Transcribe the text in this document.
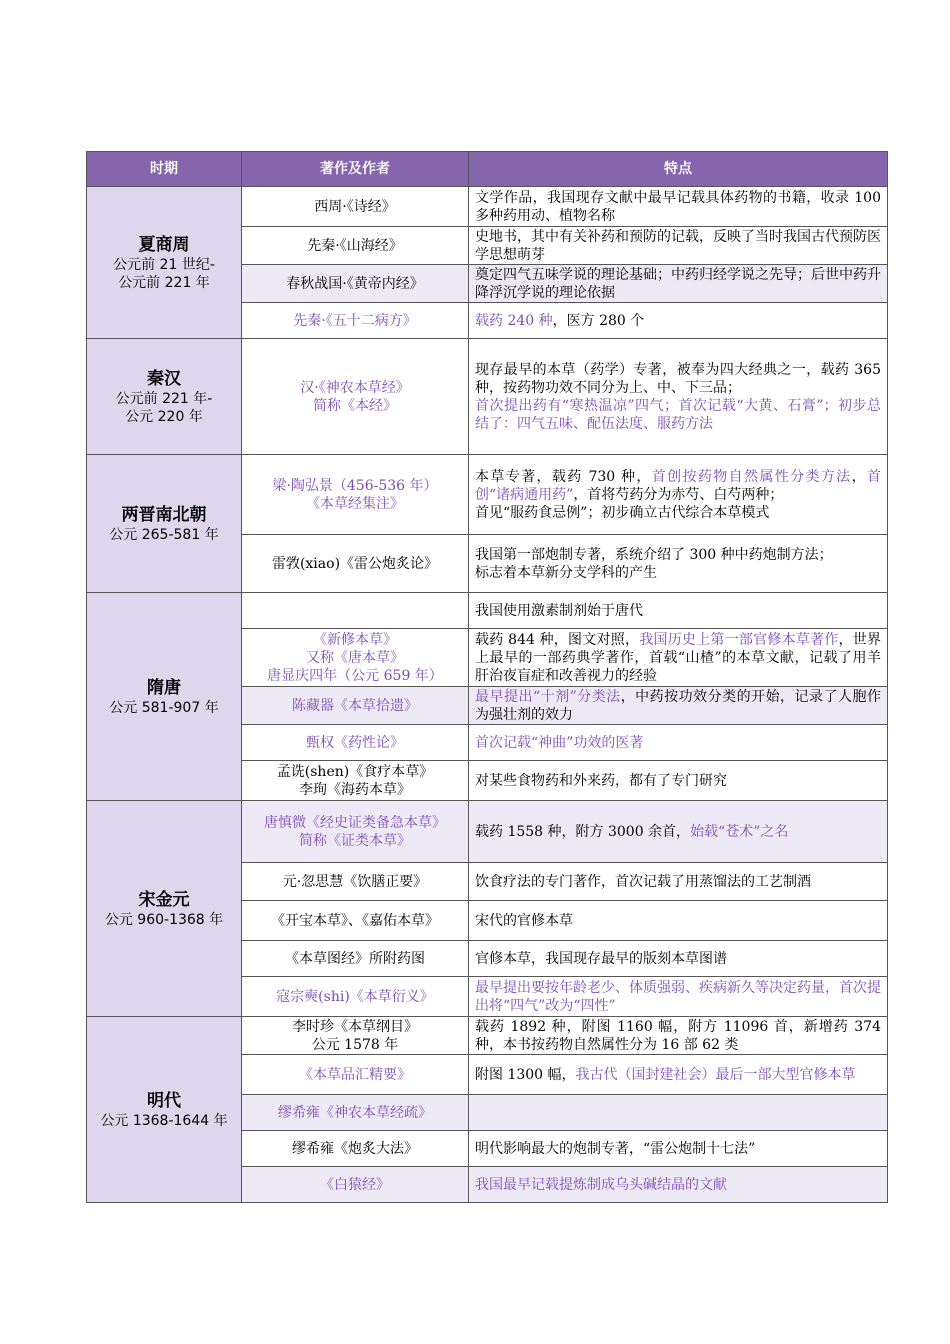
时期	著作及作者	特点

夏商周
公元前 21 世纪-
公元前 221 年	西周·《诗经》	文学作品，我国现存文献中最早记载具体药物的书籍，收录 100 多种药用动、植物名称

	先秦·《山海经》	史地书，其中有关补药和预防的记载，反映了当时我国古代预防医学思想萌芽

	春秋战国·《黄帝内经》	奠定四气五味学说的理论基础；中药归经学说之先导；后世中药升降浮沉学说的理论依据

	先秦·《五十二病方》	载药 240 种，医方 280 个

秦汉
公元前 221 年-
公元 220 年	汉·《神农本草经》
简称《本经》	现存最早的本草（药学）专著，被奉为四大经典之一，载药 365 种，按药物功效不同分为上、中、下三品；
首次提出药有“寒热温凉”四气；首次记载“大黄、石膏”；初步总结了：四气五味、配伍法度、服药方法

两晋南北朝
公元 265-581 年	梁·陶弘景（456-536 年）
《本草经集注》	本草专著，载药 730 种，首创按药物自然属性分类方法，首创“诸病通用药”，首将芍药分为赤芍、白芍两种；
首见“服药食忌例”；初步确立古代综合本草模式

	雷敩(xiao)《雷公炮炙论》	我国第一部炮制专著，系统介绍了 300 种中药炮制方法；
标志着本草新分支学科的产生

隋唐
公元 581-907 年		我国使用激素制剂始于唐代

	《新修本草》
又称《唐本草》
唐显庆四年（公元 659 年）	载药 844 种，图文对照，我国历史上第一部官修本草著作，世界上最早的一部药典学著作，首载“山楂”的本草文献，记载了用羊肝治夜盲症和改善视力的经验

	陈藏器《本草拾遗》	最早提出“十剂”分类法，中药按功效分类的开始，记录了人胞作为强壮剂的效力

	甄权《药性论》	首次记载“神曲”功效的医著

	孟诜(shen)《食疗本草》
李珣《海药本草》	对某些食物药和外来药，都有了专门研究

宋金元
公元 960-1368 年	唐慎微《经史证类备急本草》
简称《证类本草》	载药 1558 种，附方 3000 余首，始载“苍术”之名

	元·忽思慧《饮膳正要》	饮食疗法的专门著作，首次记载了用蒸馏法的工艺制酒

	《开宝本草》、《嘉佑本草》	宋代的官修本草

	《本草图经》所附药图	官修本草，我国现存最早的版刻本草图谱

	寇宗奭(shi)《本草衍义》	最早提出要按年龄老少、体质强弱、疾病新久等决定药量，首次提出将“四气”改为“四性”

明代
公元 1368-1644 年	李时珍《本草纲目》
公元 1578 年	载药 1892 种，附图 1160 幅，附方 11096 首，新增药 374 种，本书按药物自然属性分为 16 部 62 类

	《本草品汇精要》	附图 1300 幅，我古代（国封建社会）最后一部大型官修本草

	缪希雍《神农本草经疏》	

	缪希雍《炮炙大法》	明代影响最大的炮制专著，“雷公炮制十七法”

	《白猿经》	我国最早记载提炼制成乌头碱结晶的文献
